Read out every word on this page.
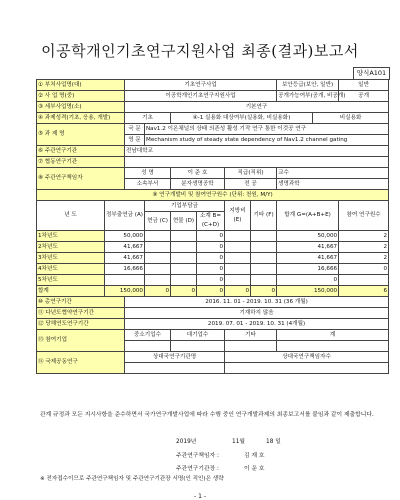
이공학개인기초연구지원사업 최종(결과)보고서
양식A101
① 부처사업명(대)		기초연구사업						보안등급(보안, 일반)		일반
② 사 업 명(중)		이공학개인기초연구지원사업						공개가능여부(공개, 비공개)		공개
③ 세부사업명(소)		기본연구								
④ 과제성격(기초, 응용, 개발)		기초		④-1 실용화 대상여부(실용화, 비실용화)					비실용화	
⑤ 과 제 명		국 문	Nav1.2 이온채널의 상태 의존성 활성 기작 연구 통한 이것공 연구							
		영 문	Mechanism study of steady state dependency of Nav1.2 channel gating							
⑥ 주관연구기관		전남대학교								
⑦ 협동연구기관										
⑧ 주관연구책임자		성 명		이 준 호		직급(직위)		교수		
		소속부서		분자생명공학		전 공		생명과학		
⑨ 연구개발비 및 참여연구원수 (단위: 천원, M/Y)										
년 도	정부출연금 (A)		기업부담금			지방비 (E)	기타 (F)	합계 G=(A+B+E)		참여 연구원수
			현금 (C)	현물 (D)	소계 B=(C+D)					
1차년도	50,000				0			50,000		2
2차년도	41,667				0			41,667		2
3차년도	41,667				0			41,667		2
4차년도	16,666				0			16,666		0
5차년도					0			0		
합계	150,000		0	0	0	0	0	150,000		6
⑩ 총연구기간		2016. 11. 01 - 2019. 10. 31 (36 개월)								
⑪ 다년도협약연구기간		기재하지 않음								
⑫ 당해연도연구기간		2019. 07. 01 - 2019. 10. 31 (4개월)								
⑬ 참여기업		중소기업수		대기업수		기타		계		

⑭ 국제공동연구		상대국연구기관명				상대국연구책임자수				

관계 규정과 모든 지시사항을 준수하면서 국가연구개발사업에 따라 수행 중인 연구개발과제의 최종보고서를 붙임과 같이 제출합니다.
2019년	11월	18 일
주관연구책임자 :	김 재 호
주관연구기관장 :	이 운 호
※ 전자접수이므로 주관연구책임자 및 주관연구기관장 서명(인 직인)은 생략
- 1 -
